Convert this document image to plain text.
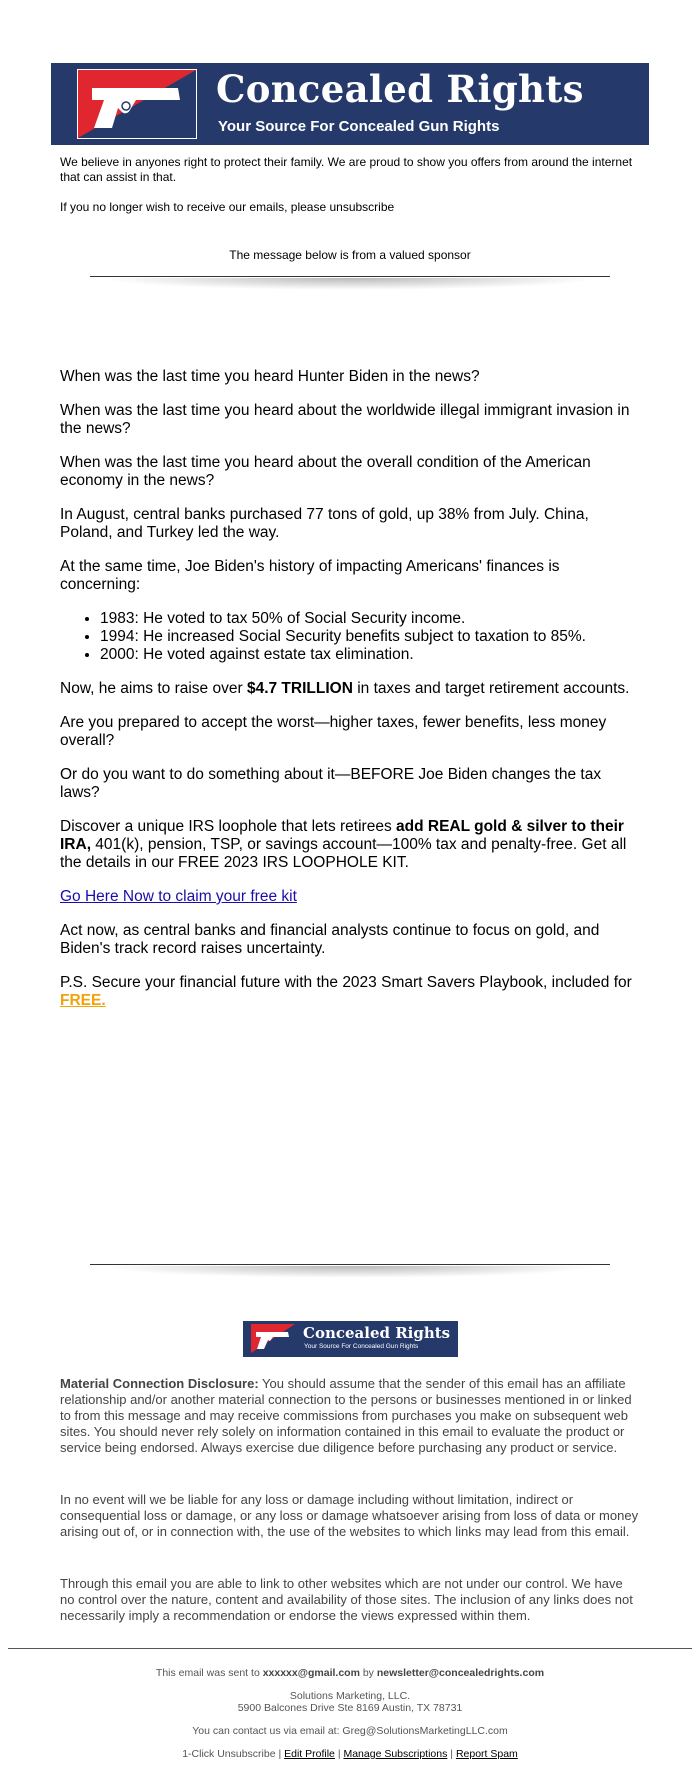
Concealed Rights
Your Source For Concealed Gun Rights
We believe in anyones right to protect their family. We are proud to show you offers from around the internet that can assist in that.
If you no longer wish to receive our emails, please unsubscribe
The message below is from a valued sponsor

When was the last time you heard Hunter Biden in the news?

When was the last time you heard about the worldwide illegal immigrant invasion in the news?

When was the last time you heard about the overall condition of the American economy in the news?

In August, central banks purchased 77 tons of gold, up 38% from July. China, Poland, and Turkey led the way.

At the same time, Joe Biden's history of impacting Americans' finances is concerning:

• 1983: He voted to tax 50% of Social Security income.
• 1994: He increased Social Security benefits subject to taxation to 85%.
• 2000: He voted against estate tax elimination.

Now, he aims to raise over $4.7 TRILLION in taxes and target retirement accounts.

Are you prepared to accept the worst—higher taxes, fewer benefits, less money overall?

Or do you want to do something about it—BEFORE Joe Biden changes the tax laws?

Discover a unique IRS loophole that lets retirees add REAL gold & silver to their IRA, 401(k), pension, TSP, or savings account—100% tax and penalty-free. Get all the details in our FREE 2023 IRS LOOPHOLE KIT.

Go Here Now to claim your free kit

Act now, as central banks and financial analysts continue to focus on gold, and Biden's track record raises uncertainty.

P.S. Secure your financial future with the 2023 Smart Savers Playbook, included for FREE.

Concealed Rights
Your Source For Concealed Gun Rights
Material Connection Disclosure: You should assume that the sender of this email has an affiliate relationship and/or another material connection to the persons or businesses mentioned in or linked to from this message and may receive commissions from purchases you make on subsequent web sites. You should never rely solely on information contained in this email to evaluate the product or service being endorsed. Always exercise due diligence before purchasing any product or service.
In no event will we be liable for any loss or damage including without limitation, indirect or consequential loss or damage, or any loss or damage whatsoever arising from loss of data or money arising out of, or in connection with, the use of the websites to which links may lead from this email.
Through this email you are able to link to other websites which are not under our control. We have no control over the nature, content and availability of those sites. The inclusion of any links does not necessarily imply a recommendation or endorse the views expressed within them.
This email was sent to xxxxxx@gmail.com by newsletter@concealedrights.com
Solutions Marketing, LLC.
5900 Balcones Drive Ste 8169 Austin, TX 78731
You can contact us via email at: Greg@SolutionsMarketingLLC.com
1-Click Unsubscribe | Edit Profile | Manage Subscriptions | Report Spam
